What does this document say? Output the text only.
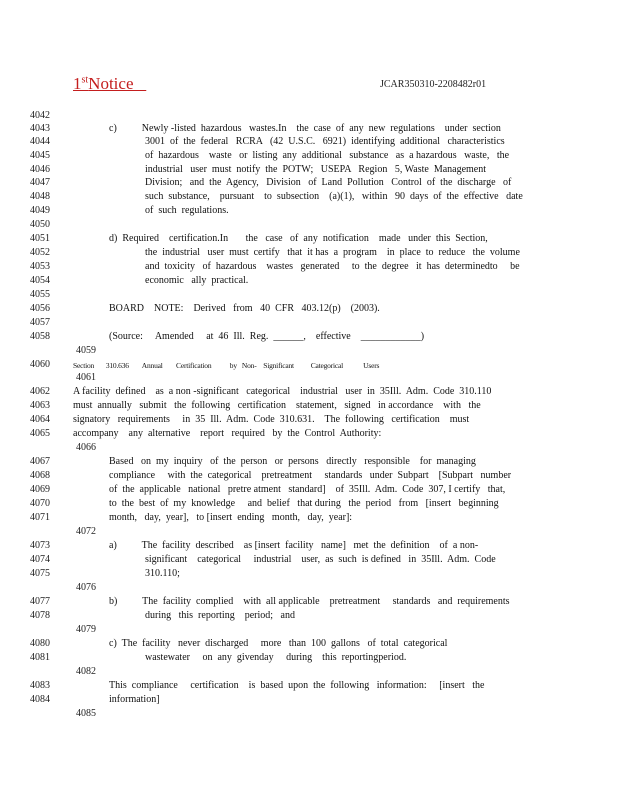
1stNotice	JCAR350310-2208482r01
4042
4043	c)          Newly -listed  hazardous   wastes.In    the  case  of  any  new  regulations    under  section
4044	3001  of  the  federal   RCRA   (42  U.S.C.   6921)  identifying  additional   characteristics
4045	of  hazardous    waste   or  listing  any  additional   substance   as  a hazardous   waste,   the
4046	industrial   user  must  notify  the  POTW;   USEPA   Region   5, Waste  Management
4047	Division;   and  the  Agency,   Division   of  Land  Pollution   Control  of  the  discharge   of
4048	such  substance,    pursuant    to  subsection    (a)(1),   within   90  days  of  the  effective   date
4049	of  such  regulations.
4050
4051	d)  Required    certification.In       the   case   of  any  notification    made   under  this  Section,
4052	the  industrial   user  must  certify   that  it has  a  program    in  place  to  reduce   the  volume
4053	and  toxicity   of  hazardous    wastes   generated     to  the  degree   it  has  determinedto     be
4054	economic   ally  practical.
4055
4056	BOARD    NOTE:    Derived   from   40  CFR   403.12(p)    (2003).
4057
4058	(Source:     Amended     at  46  Ill.  Reg.  ______,    effective    ____________)
4059
4060	Section       310.636        Annual        Certification           by   Non-    Significant          Categorical            Users
4061
4062 A facility  defined    as  a non -significant   categorical    industrial   user  in  35Ill.  Adm.  Code  310.110
4063 must  annually   submit   the  following   certification    statement,   signed   in accordance    with   the
4064 signatory   requirements     in  35  Ill.  Adm.  Code  310.631.    The  following   certification    must
4065 accompany    any  alternative    report   required   by  the  Control  Authority:
4066
4067	Based   on  my  inquiry   of  the  person   or  persons   directly   responsible    for  managing
4068	compliance     with  the  categorical    pretreatment     standards   under  Subpart    [Subpart   number
4069	of  the  applicable   national   pretre atment   standard]    of  35Ill.  Adm.  Code  307, I certify   that,
4070	to  the  best  of  my  knowledge     and  belief   that during   the  period   from   [insert   beginning
4071	month,   day,  year],   to [insert  ending   month,   day,  year]:
4072
4073	a)          The  facility  described    as [insert  facility   name]   met  the  definition    of  a non-
4074	significant    categorical     industrial    user,  as  such  is defined   in  35Ill.  Adm.  Code
4075	310.110;
4076
4077	b)          The  facility  complied    with  all applicable    pretreatment     standards   and  requirements
4078	during   this  reporting    period;   and
4079
4080	c)  The  facility   never  discharged     more   than  100  gallons   of  total  categorical
4081	wastewater     on  any  givenday     during    this  reportingperiod.
4082
4083	This  compliance     certification    is  based  upon  the  following   information:     [insert   the
4084	information]
4085
